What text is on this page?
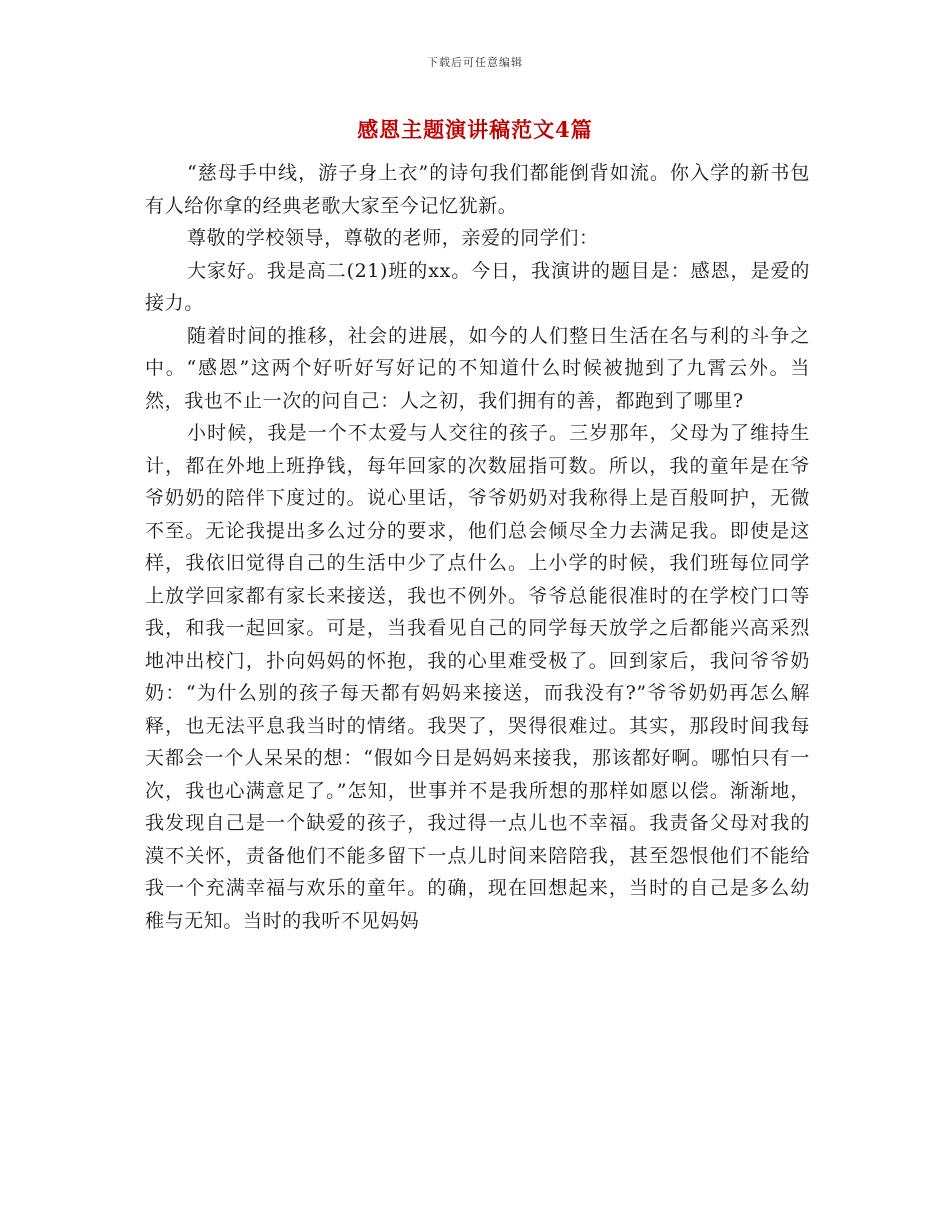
下载后可任意编辑
感恩主题演讲稿范文4篇

“慈母手中线，游子身上衣”的诗句我们都能倒背如流。你入学的新书包有人给你拿的经典老歌大家至今记忆犹新。

尊敬的学校领导，尊敬的老师，亲爱的同学们：

大家好。我是高二(21)班的xx。今日，我演讲的题目是：感恩，是爱的接力。

随着时间的推移，社会的进展，如今的人们整日生活在名与利的斗争之中。“感恩”这两个好听好写好记的不知道什么时候被抛到了九霄云外。当然，我也不止一次的问自己：人之初，我们拥有的善，都跑到了哪里?

小时候，我是一个不太爱与人交往的孩子。三岁那年，父母为了维持生计，都在外地上班挣钱，每年回家的次数屈指可数。所以，我的童年是在爷爷奶奶的陪伴下度过的。说心里话，爷爷奶奶对我称得上是百般呵护，无微不至。无论我提出多么过分的要求，他们总会倾尽全力去满足我。即使是这样，我依旧觉得自己的生活中少了点什么。上小学的时候，我们班每位同学上放学回家都有家长来接送，我也不例外。爷爷总能很准时的在学校门口等我，和我一起回家。可是，当我看见自己的同学每天放学之后都能兴高采烈地冲出校门，扑向妈妈的怀抱，我的心里难受极了。回到家后，我问爷爷奶奶：“为什么别的孩子每天都有妈妈来接送，而我没有?”爷爷奶奶再怎么解释，也无法平息我当时的情绪。我哭了，哭得很难过。其实，那段时间我每天都会一个人呆呆的想：“假如今日是妈妈来接我，那该都好啊。哪怕只有一次，我也心满意足了。”怎知，世事并不是我所想的那样如愿以偿。渐渐地，我发现自己是一个缺爱的孩子，我过得一点儿也不幸福。我责备父母对我的漠不关怀，责备他们不能多留下一点儿时间来陪陪我，甚至怨恨他们不能给我一个充满幸福与欢乐的童年。的确，现在回想起来，当时的自己是多么幼稚与无知。当时的我听不见妈妈
